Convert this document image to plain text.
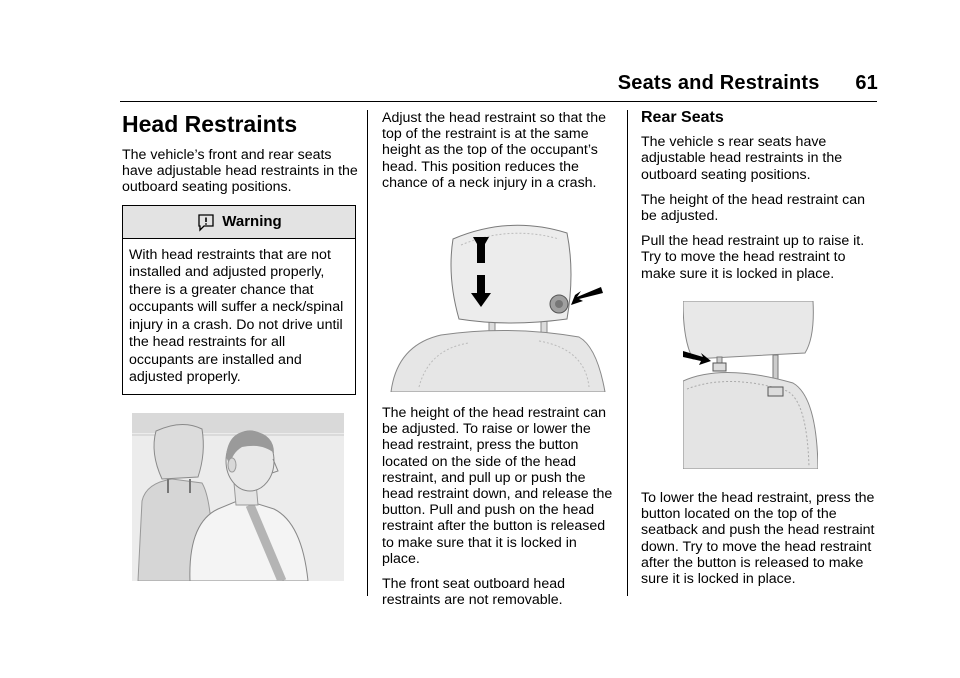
Seats and Restraints 61
Head Restraints

The vehicle’s front and rear seats have adjustable head restraints in the outboard seating positions.

Warning
With head restraints that are not installed and adjusted properly, there is a greater chance that occupants will suffer a neck/spinal injury in a crash. Do not drive until the head restraints for all occupants are installed and adjusted properly.

Adjust the head restraint so that the top of the restraint is at the same height as the top of the occupant’s head. This position reduces the chance of a neck injury in a crash.

The height of the head restraint can be adjusted. To raise or lower the head restraint, press the button located on the side of the head restraint, and pull up or push the head restraint down, and release the button. Pull and push on the head restraint after the button is released to make sure that it is locked in place.

The front seat outboard head restraints are not removable.

Rear Seats

The vehicle s rear seats have adjustable head restraints in the outboard seating positions.

The height of the head restraint can be adjusted.

Pull the head restraint up to raise it. Try to move the head restraint to make sure it is locked in place.

To lower the head restraint, press the button located on the top of the seatback and push the head restraint down. Try to move the head restraint after the button is released to make sure it is locked in place.
